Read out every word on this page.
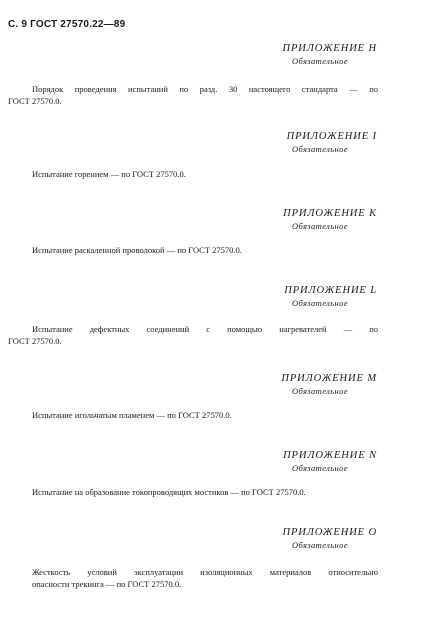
С. 9 ГОСТ 27570.22—89
ПРИЛОЖЕНИЕ Н
Обязательное
Порядок проведения испытаний по разд. 30 настоящего стандарта — по
ГОСТ 27570.0.
ПРИЛОЖЕНИЕ I
Обязательное
Испытание горением — по ГОСТ 27570.0.
ПРИЛОЖЕНИЕ К
Обязательное
Испытание раскаленной проволокой — по ГОСТ 27570.0.
ПРИЛОЖЕНИЕ L
Обязательное
Испытание дефектных соединений с помощью нагревателей — по
ГОСТ 27570.0.
ПРИЛОЖЕНИЕ М
Обязательное
Испытание игольчатым пламенем — по ГОСТ 27570.0.
ПРИЛОЖЕНИЕ N
Обязательное
Испытание на образование токопроводящих мостиков — по ГОСТ 27570.0.
ПРИЛОЖЕНИЕ О
Обязательное
Жесткость условий эксплуатации изоляционных материалов относительно
опасности трекинга — по ГОСТ 27570.0.
